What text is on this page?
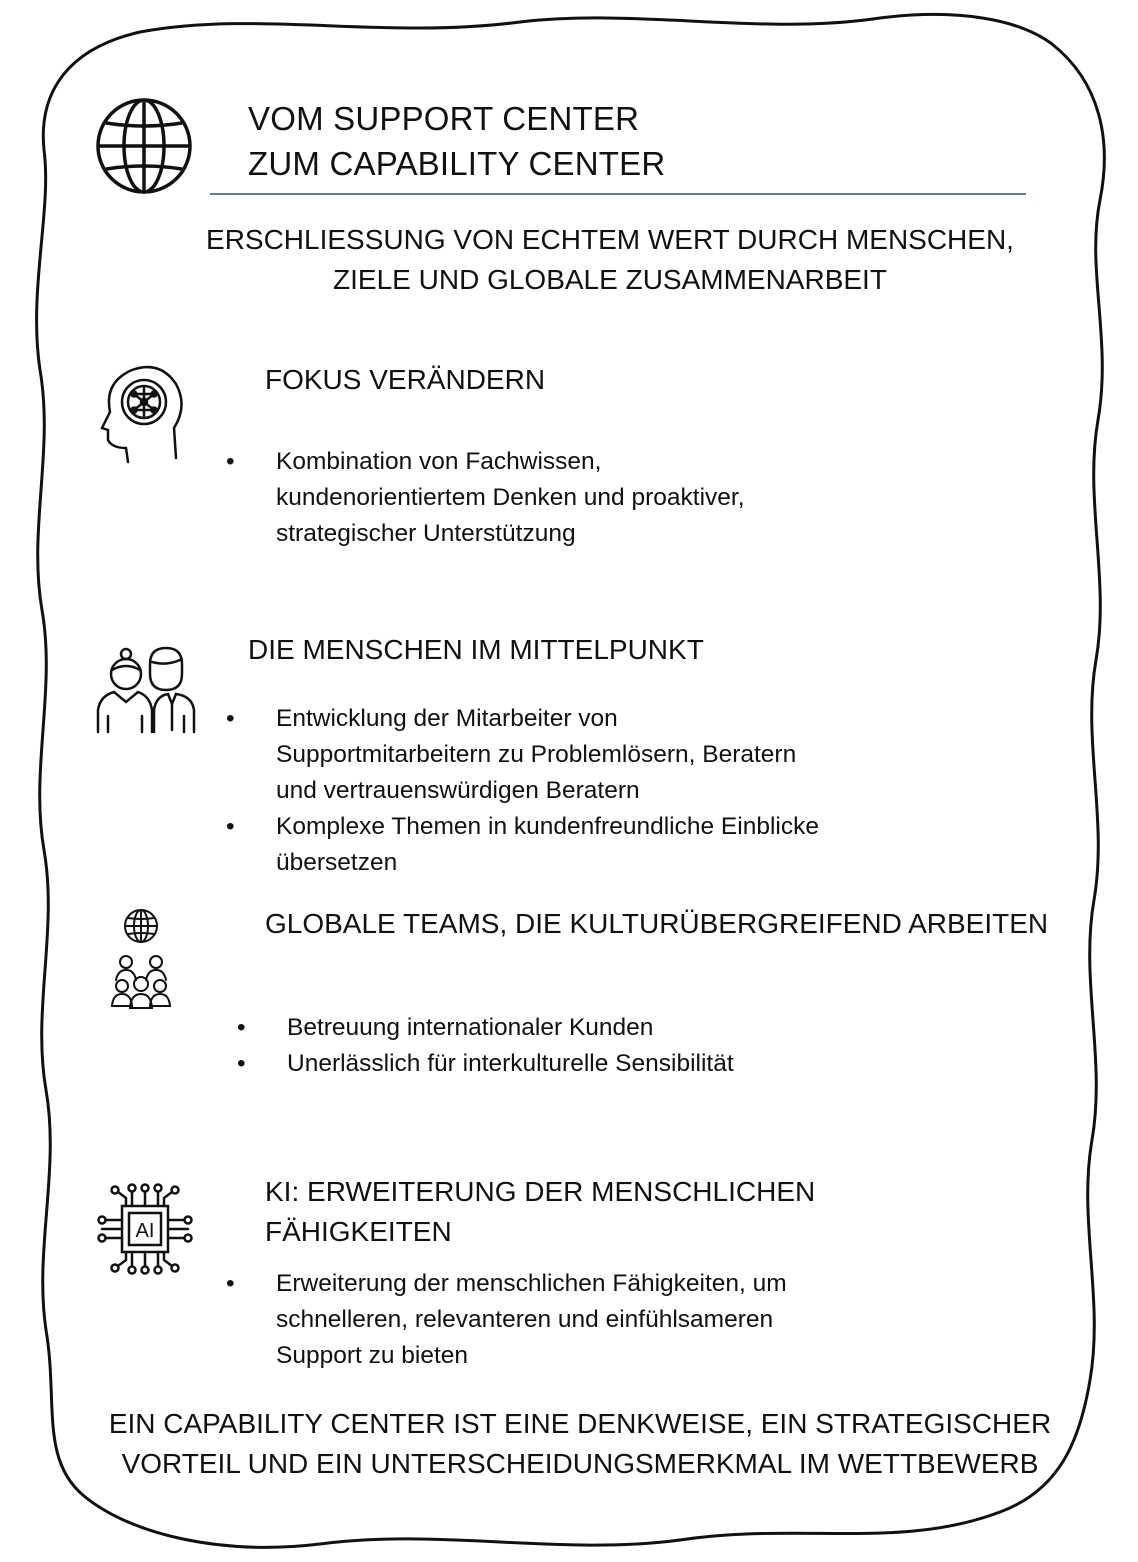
VOM SUPPORT CENTER
ZUM CAPABILITY CENTER
ERSCHLIESSUNG VON ECHTEM WERT DURCH MENSCHEN,
ZIELE UND GLOBALE ZUSAMMENARBEIT
FOKUS VERÄNDERN
• Kombination von Fachwissen,
kundenorientiertem Denken und proaktiver,
strategischer Unterstützung
DIE MENSCHEN IM MITTELPUNKT
• Entwicklung der Mitarbeiter von
Supportmitarbeitern zu Problemlösern, Beratern
und vertrauenswürdigen Beratern
• Komplexe Themen in kundenfreundliche Einblicke
übersetzen
GLOBALE TEAMS, DIE KULTURÜBERGREIFEND ARBEITEN
• Betreuung internationaler Kunden
• Unerlässlich für interkulturelle Sensibilität
AI
KI: ERWEITERUNG DER MENSCHLICHEN
FÄHIGKEITEN
• Erweiterung der menschlichen Fähigkeiten, um
schnelleren, relevanteren und einfühlsameren
Support zu bieten
EIN CAPABILITY CENTER IST EINE DENKWEISE, EIN STRATEGISCHER
VORTEIL UND EIN UNTERSCHEIDUNGSMERKMAL IM WETTBEWERB
